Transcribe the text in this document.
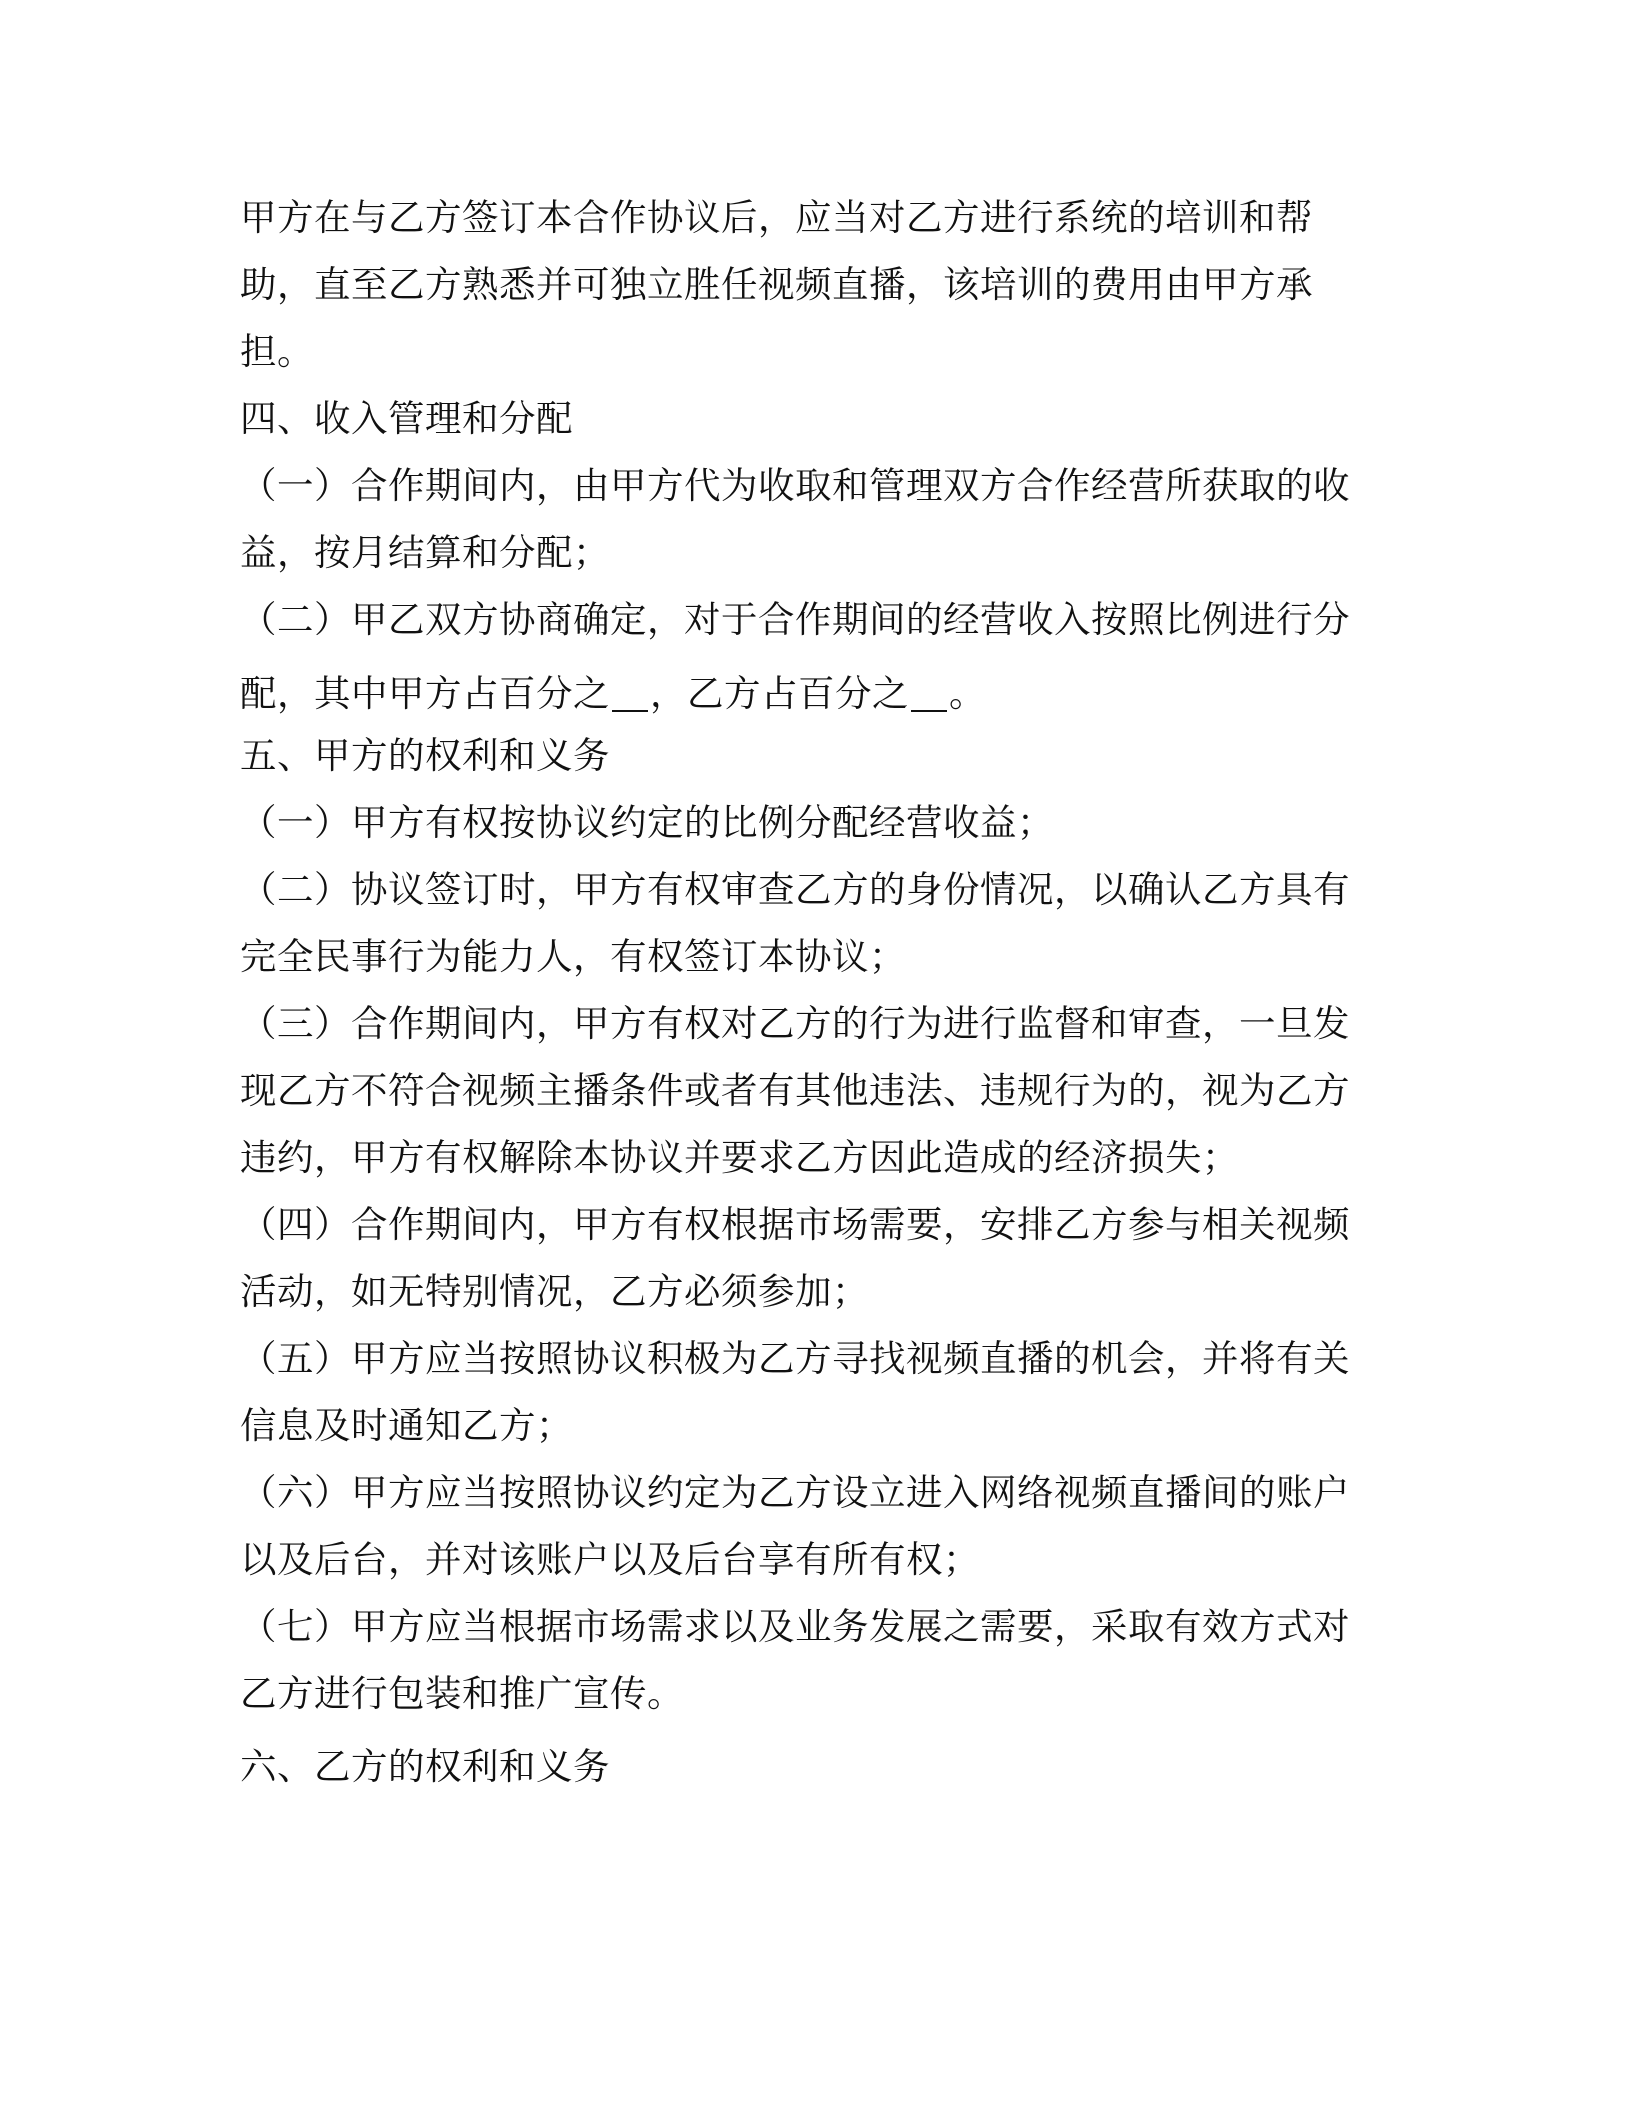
甲方在与乙方签订本合作协议后，应当对乙方进行系统的培训和帮
助，直至乙方熟悉并可独立胜任视频直播，该培训的费用由甲方承
担。
四、收入管理和分配
（一）合作期间内，由甲方代为收取和管理双方合作经营所获取的收
益，按月结算和分配；
（二）甲乙双方协商确定，对于合作期间的经营收入按照比例进行分
配，其中甲方占百分之 ，乙方占百分之 。
五、甲方的权利和义务
（一）甲方有权按协议约定的比例分配经营收益；
（二）协议签订时，甲方有权审查乙方的身份情况，以确认乙方具有
完全民事行为能力人，有权签订本协议；
（三）合作期间内，甲方有权对乙方的行为进行监督和审查，一旦发
现乙方不符合视频主播条件或者有其他违法、违规行为的，视为乙方
违约，甲方有权解除本协议并要求乙方因此造成的经济损失；
（四）合作期间内，甲方有权根据市场需要，安排乙方参与相关视频
活动，如无特别情况，乙方必须参加；
（五）甲方应当按照协议积极为乙方寻找视频直播的机会，并将有关
信息及时通知乙方；
（六）甲方应当按照协议约定为乙方设立进入网络视频直播间的账户
以及后台，并对该账户以及后台享有所有权；
（七）甲方应当根据市场需求以及业务发展之需要，采取有效方式对
乙方进行包装和推广宣传。
六、乙方的权利和义务
